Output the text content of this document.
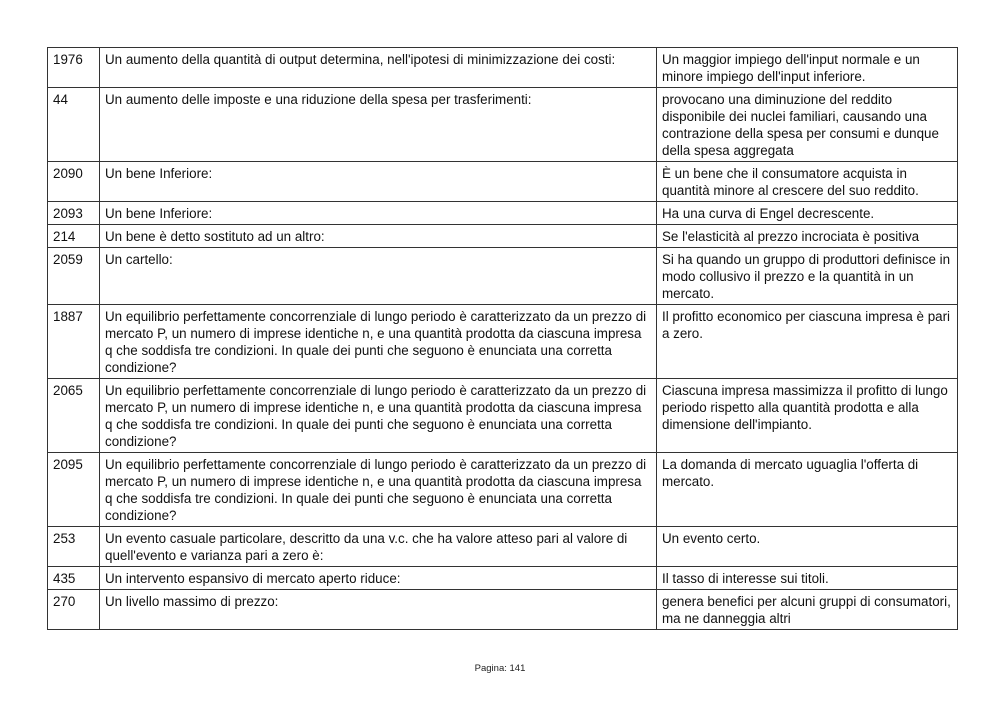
1976	Un aumento della quantità di output determina, nell'ipotesi di minimizzazione dei costi:	Un maggior impiego dell'input normale e un minore impiego dell'input inferiore.
44	Un aumento delle imposte e una riduzione della spesa per trasferimenti:	provocano una diminuzione del reddito disponibile dei nuclei familiari, causando una contrazione della spesa per consumi e dunque della spesa aggregata
2090	Un bene Inferiore:	È un bene che il consumatore acquista in quantità minore al crescere del suo reddito.
2093	Un bene Inferiore:	Ha una curva di Engel decrescente.
214	Un bene è detto sostituto ad un altro:	Se l'elasticità al prezzo incrociata è positiva
2059	Un cartello:	Si ha quando un gruppo di produttori definisce in modo collusivo il prezzo e la quantità in un mercato.
1887	Un equilibrio perfettamente concorrenziale di lungo periodo è caratterizzato da un prezzo di mercato P, un numero di imprese identiche n, e una quantità prodotta da ciascuna impresa q che soddisfa tre condizioni. In quale dei punti che seguono è enunciata una corretta condizione?	Il profitto economico per ciascuna impresa è pari a zero.
2065	Un equilibrio perfettamente concorrenziale di lungo periodo è caratterizzato da un prezzo di mercato P, un numero di imprese identiche n, e una quantità prodotta da ciascuna impresa q che soddisfa tre condizioni. In quale dei punti che seguono è enunciata una corretta condizione?	Ciascuna impresa massimizza il profitto di lungo periodo rispetto alla quantità prodotta e alla dimensione dell'impianto.
2095	Un equilibrio perfettamente concorrenziale di lungo periodo è caratterizzato da un prezzo di mercato P, un numero di imprese identiche n, e una quantità prodotta da ciascuna impresa q che soddisfa tre condizioni. In quale dei punti che seguono è enunciata una corretta condizione?	La domanda di mercato uguaglia l'offerta di mercato.
253	Un evento casuale particolare, descritto da una v.c. che ha valore atteso pari al valore di quell'evento e varianza pari a zero è:	Un evento certo.
435	Un intervento espansivo di mercato aperto riduce:	Il tasso di interesse sui titoli.
270	Un livello massimo di prezzo:	genera benefici per alcuni gruppi di consumatori, ma ne danneggia altri
Pagina: 141
